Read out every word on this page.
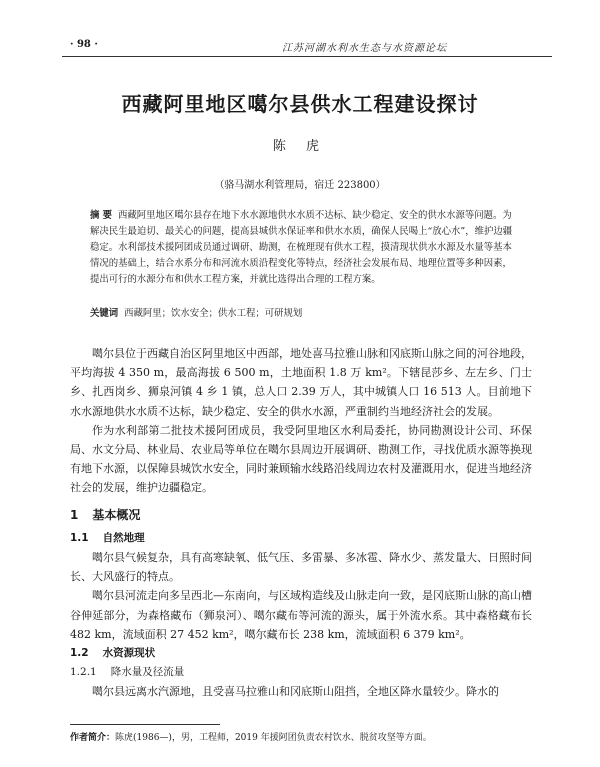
· 98 ·	江苏河湖水利水生态与水资源论坛
西藏阿里地区噶尔县供水工程建设探讨
陈 虎
（骆马湖水利管理局，宿迁 223800）
摘 要 西藏阿里地区噶尔县存在地下水水源地供水水质不达标、缺少稳定、安全的供水水源等问题。为解决民生最迫切、最关心的问题，提高县城供水保证率和供水水质，确保人民喝上“放心水”，维护边疆稳定。水利部技术援阿团成员通过调研、勘测，在梳理现有供水工程，摸清现状供水水源及水量等基本情况的基础上，结合水系分布和河流水质沿程变化等特点，经济社会发展布局、地理位置等多种因素，提出可行的水源分布和供水工程方案，并就比选得出合理的工程方案。
关键词 西藏阿里；饮水安全；供水工程；可研规划

噶尔县位于西藏自治区阿里地区中西部，地处喜马拉雅山脉和冈底斯山脉之间的河谷地段，平均海拔 4 350 m，最高海拔 6 500 m，土地面积 1.8 万 km²。下辖昆莎乡、左左乡、门士乡、扎西岗乡、狮泉河镇 4 乡 1 镇，总人口 2.39 万人，其中城镇人口 16 513 人。目前地下水水源地供水水质不达标，缺少稳定、安全的供水水源，严重制约当地经济社会的发展。

作为水利部第二批技术援阿团成员，我受阿里地区水利局委托，协同勘测设计公司、环保局、水文分局、林业局、农业局等单位在噶尔县周边开展调研、勘测工作，寻找优质水源等换现有地下水源，以保障县城饮水安全，同时兼顾输水线路沿线周边农村及灌溉用水，促进当地经济社会的发展，维护边疆稳定。

1 基本概况
1.1 自然地理

噶尔县气候复杂，具有高寒缺氧、低气压、多雷暴、多冰雹、降水少、蒸发量大、日照时间长、大风盛行的特点。

噶尔县河流走向多呈西北—东南向，与区域构造线及山脉走向一致，是冈底斯山脉的高山槽谷伸延部分，为森格藏布（狮泉河）、噶尔藏布等河流的源头，属于外流水系。其中森格藏布长 482 km，流域面积 27 452 km²，噶尔藏布长 238 km，流域面积 6 379 km²。

1.2 水资源现状
1.2.1 降水量及径流量

噶尔县远离水汽源地，且受喜马拉雅山和冈底斯山阻挡，全地区降水量较少。降水的

作者简介：陈虎(1986—)，男，工程师，2019 年援阿团负责农村饮水、脱贫攻坚等方面。
